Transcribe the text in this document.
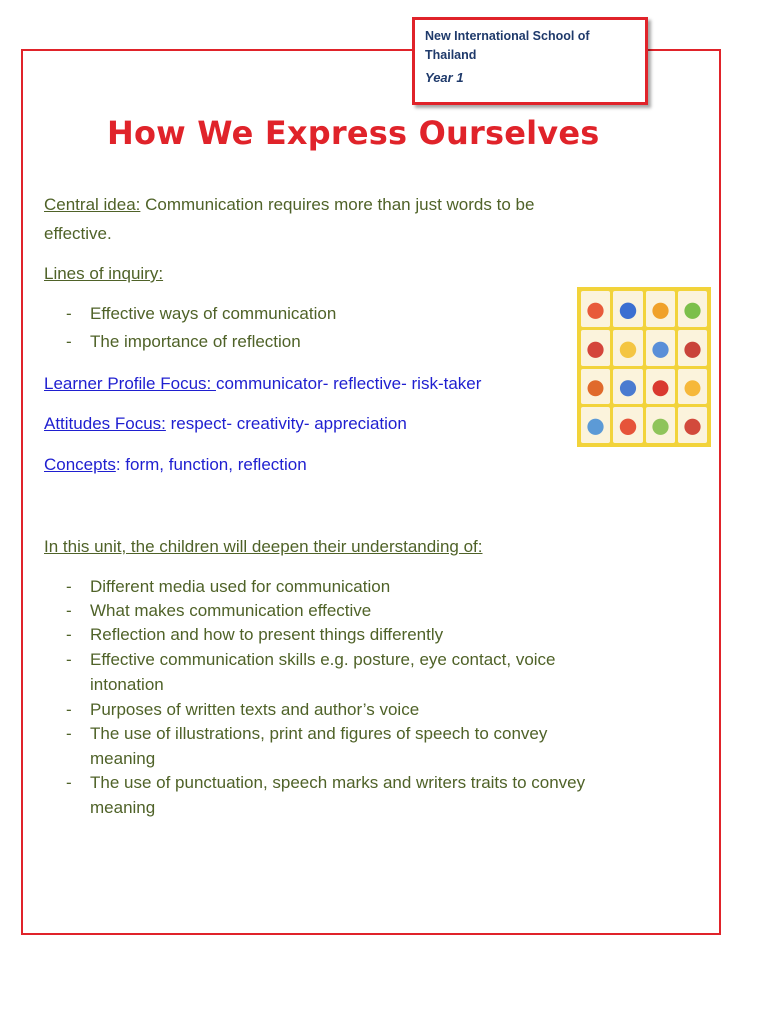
New International School of Thailand
Year 1
How We Express Ourselves
Central idea: Communication requires more than just words to be
effective.
Lines of inquiry:
- Effective ways of communication
- The importance of reflection
Learner Profile Focus: communicator- reflective- risk-taker
Attitudes Focus: respect- creativity- appreciation
Concepts: form, function, reflection
In this unit, the children will deepen their understanding of:
- Different media used for communication
- What makes communication effective
- Reflection and how to present things differently
- Effective communication skills e.g. posture, eye contact, voice
intonation
- Purposes of written texts and author’s voice
- The use of illustrations, print and figures of speech to convey
meaning
- The use of punctuation, speech marks and writers traits to convey
meaning
